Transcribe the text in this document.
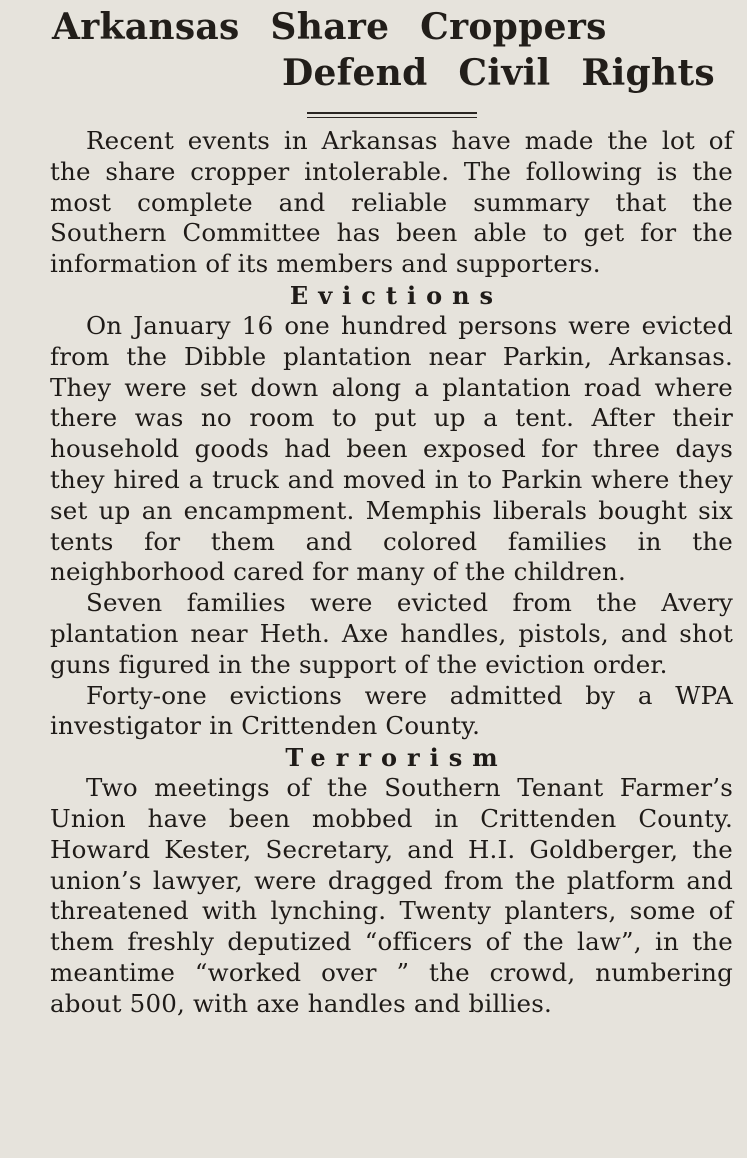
Arkansas Share Croppers
Defend Civil Rights

Recent events in Arkansas have made the lot of the share cropper intolerable. The following is the most complete and reliable summary that the Southern Committee has been able to get for the information of its members and supporters.

Evictions

On January 16 one hundred persons were evicted from the Dibble plantation near Parkin, Arkansas. They were set down along a plantation road where there was no room to put up a tent. After their household goods had been exposed for three days they hired a truck and moved in to Parkin where they set up an encampment. Memphis liberals bought six tents for them and colored families in the neighborhood cared for many of the children.

Seven families were evicted from the Avery plantation near Heth. Axe handles, pistols, and shot guns figured in the support of the eviction order.

Forty-one evictions were admitted by a WPA investigator in Crittenden County.

Terrorism

Two meetings of the Southern Tenant Farmer’s Union have been mobbed in Crittenden County. Howard Kester, Secretary, and H.I. Goldberger, the union’s lawyer, were dragged from the platform and threatened with lynching. Twenty planters, some of them freshly deputized “officers of the law”, in the meantime “worked over ” the crowd, numbering about 500, with axe handles and billies.
